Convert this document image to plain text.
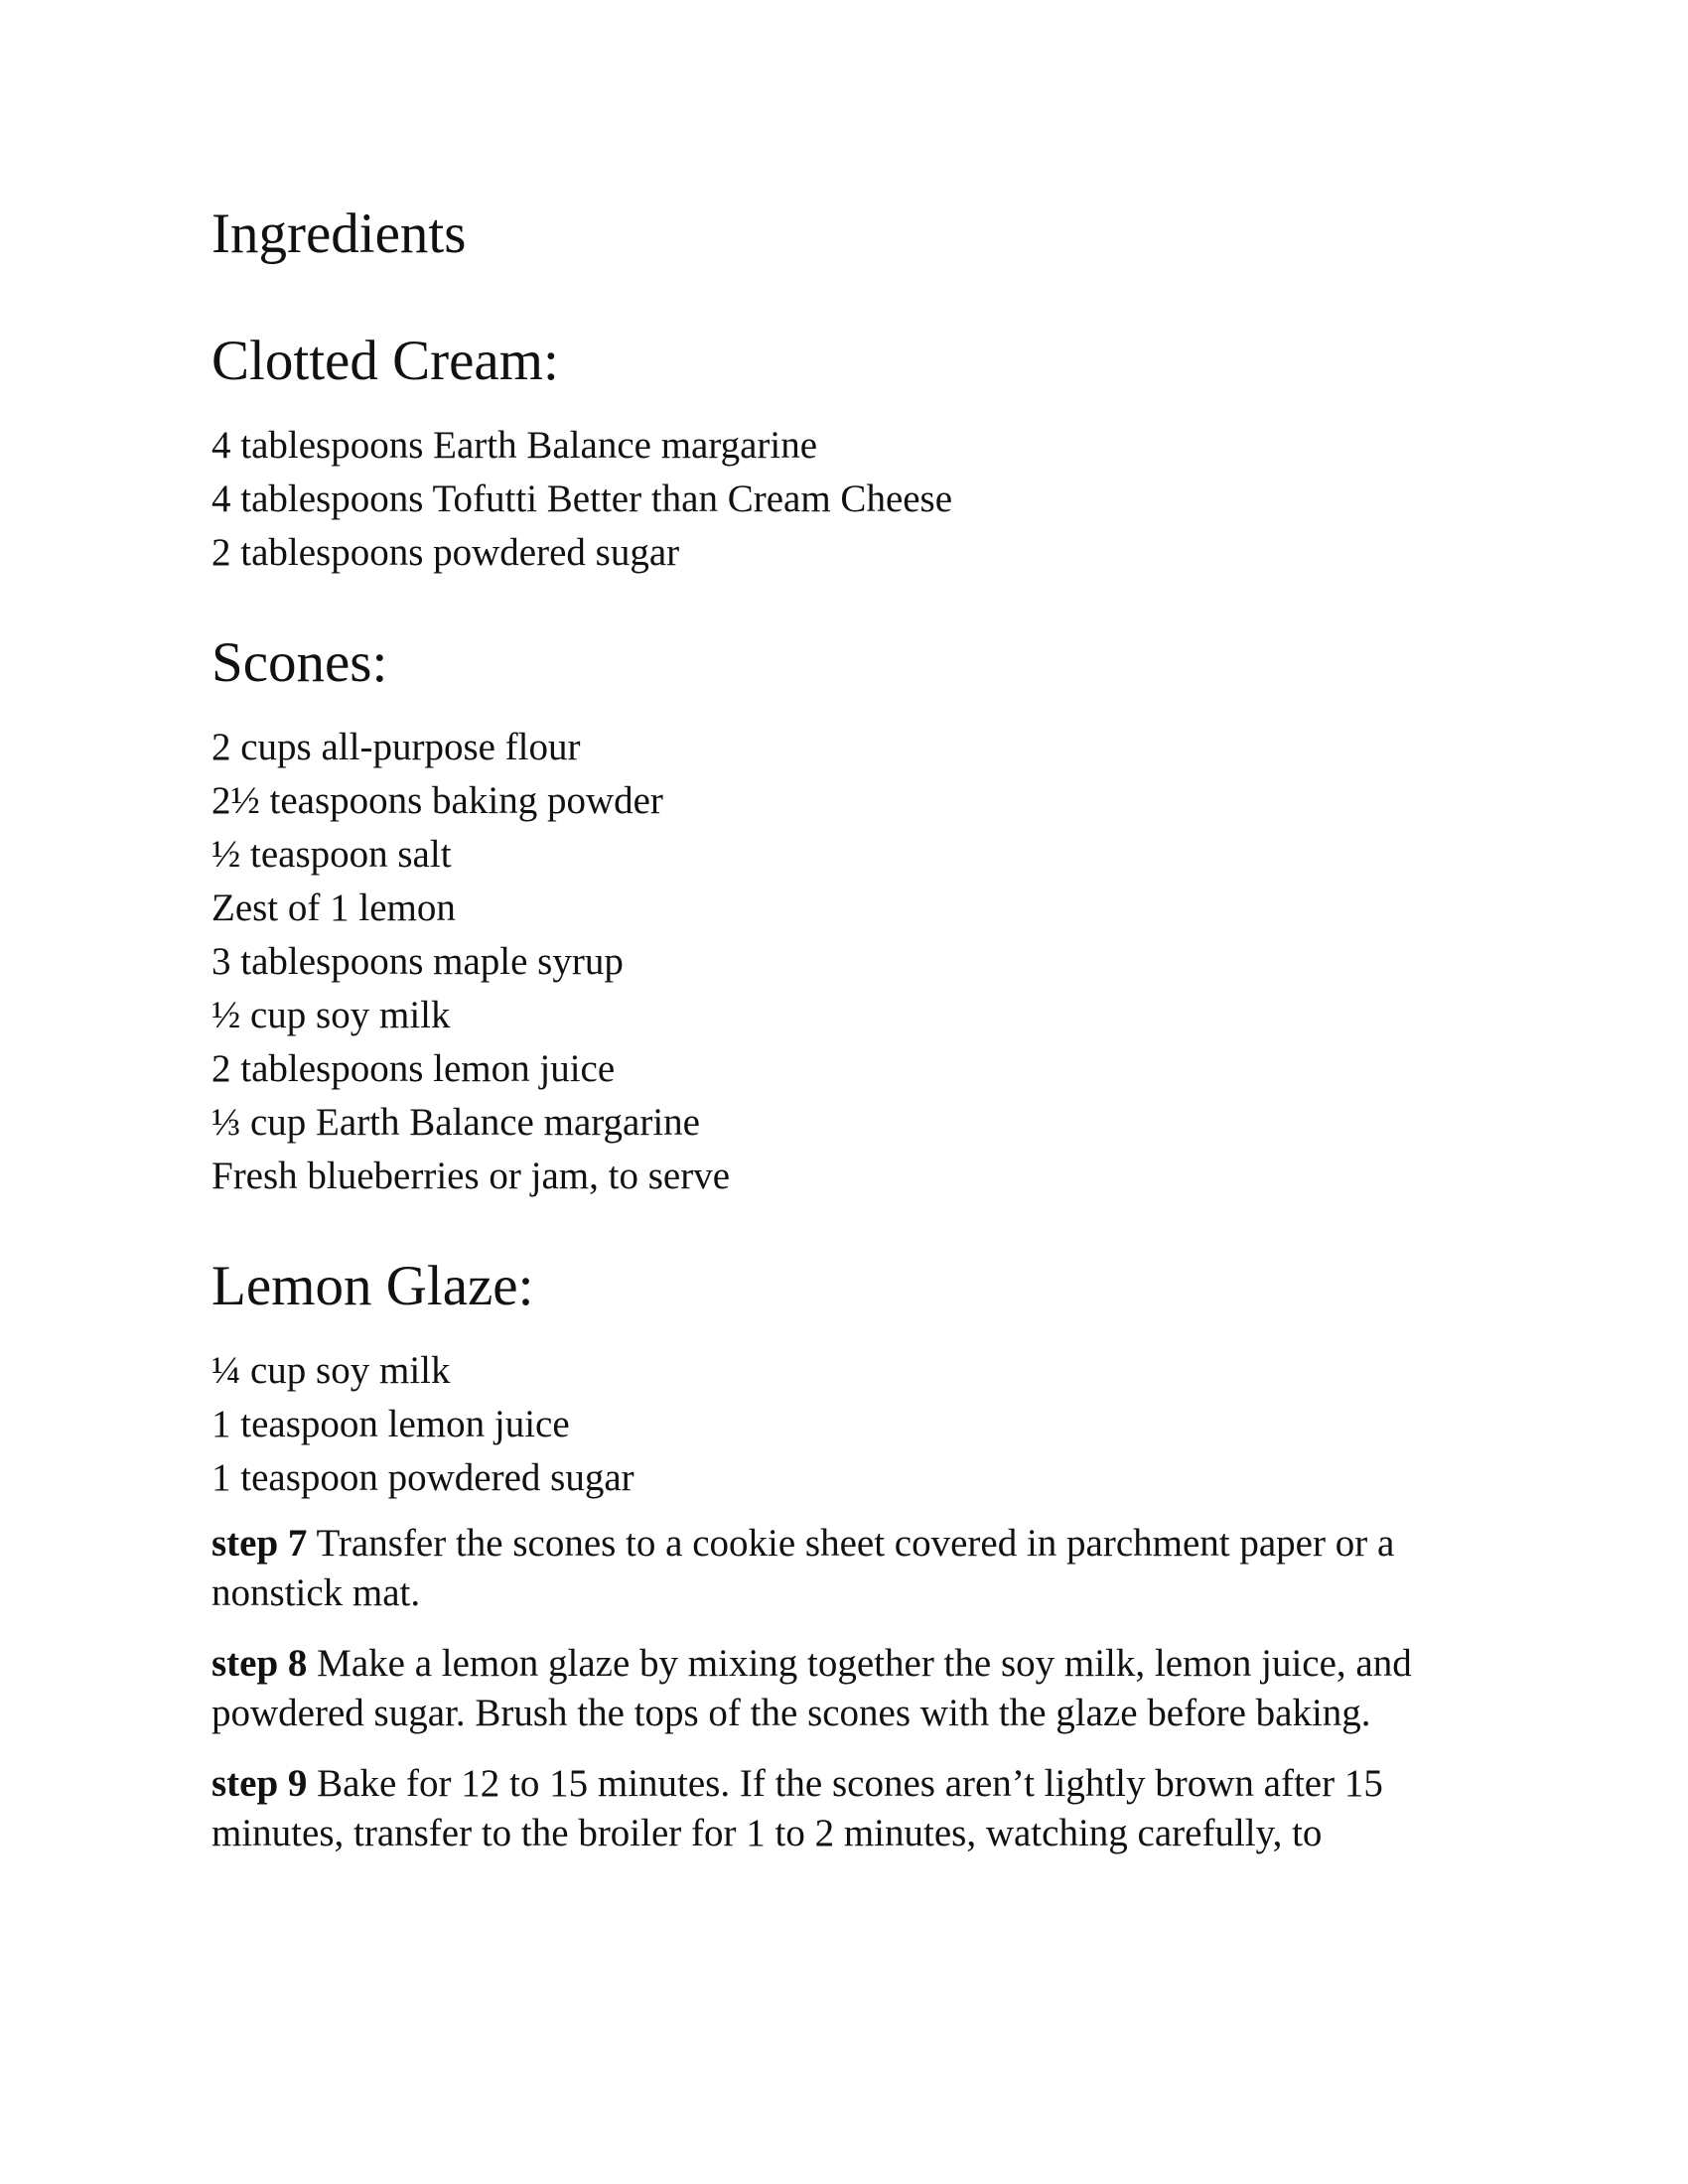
Ingredients
Clotted Cream:
4 tablespoons Earth Balance margarine
4 tablespoons Tofutti Better than Cream Cheese
2 tablespoons powdered sugar
Scones:
2 cups all-purpose flour
2½ teaspoons baking powder
½ teaspoon salt
Zest of 1 lemon
3 tablespoons maple syrup
½ cup soy milk
2 tablespoons lemon juice
⅓ cup Earth Balance margarine
Fresh blueberries or jam, to serve
Lemon Glaze:
¼ cup soy milk
1 teaspoon lemon juice
1 teaspoon powdered sugar

step 7 Transfer the scones to a cookie sheet covered in parchment paper or a nonstick mat.

step 8 Make a lemon glaze by mixing together the soy milk, lemon juice, and powdered sugar. Brush the tops of the scones with the glaze before baking.

step 9 Bake for 12 to 15 minutes. If the scones aren’t lightly brown after 15 minutes, transfer to the broiler for 1 to 2 minutes, watching carefully, to
